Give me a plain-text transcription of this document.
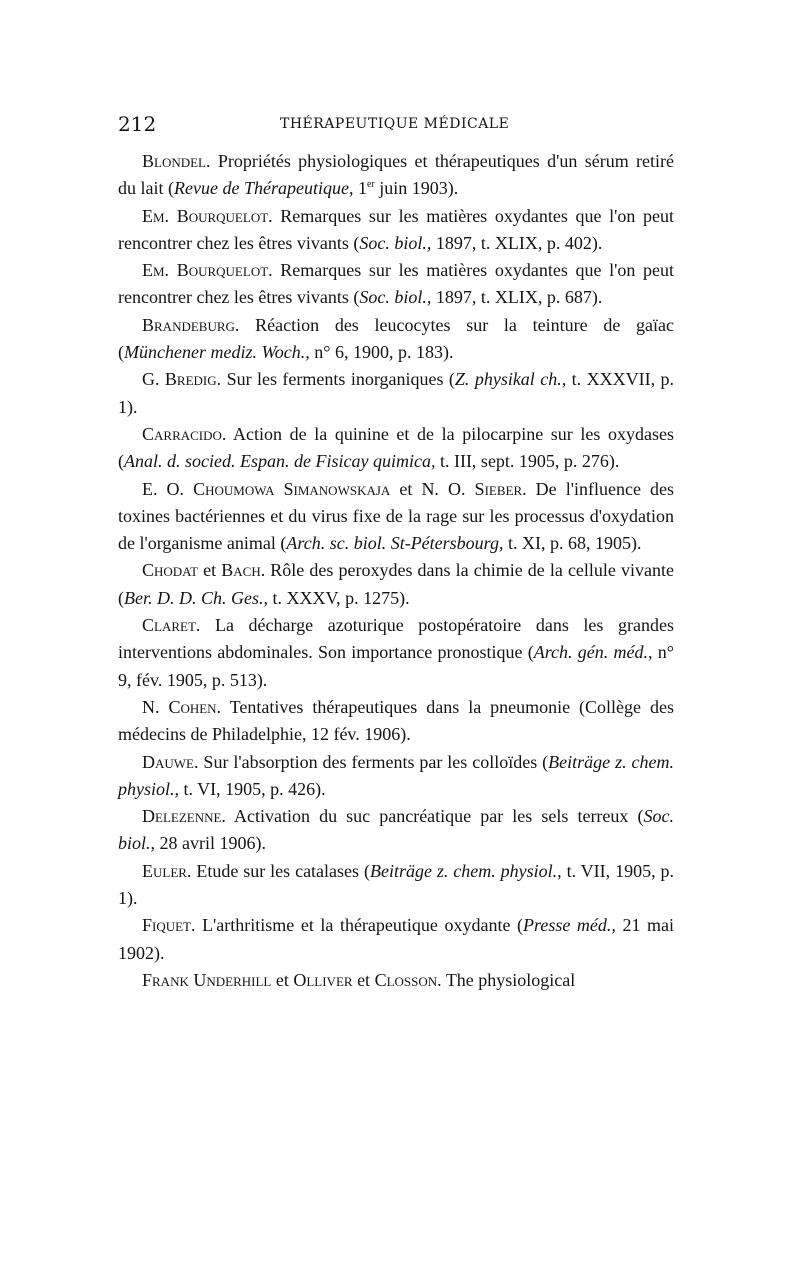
212	THÉRAPEUTIQUE MÉDICALE

Blondel. Propriétés physiologiques et thérapeutiques d'un sérum retiré du lait (Revue de Thérapeutique, 1er juin 1903).

Em. Bourquelot. Remarques sur les matières oxydantes que l'on peut rencontrer chez les êtres vivants (Soc. biol., 1897, t. XLIX, p. 402).

Em. Bourquelot. Remarques sur les matières oxydantes que l'on peut rencontrer chez les êtres vivants (Soc. biol., 1897, t. XLIX, p. 687).

Brandeburg. Réaction des leucocytes sur la teinture de gaïac (Münchener mediz. Woch., n° 6, 1900, p. 183).

G. Bredig. Sur les ferments inorganiques (Z. physikal ch., t. XXXVII, p. 1).

Carracido. Action de la quinine et de la pilocarpine sur les oxydases (Anal. d. socied. Espan. de Fisicay quimica, t. III, sept. 1905, p. 276).

E. O. Choumowa Simanowskaja et N. O. Sieber. De l'influence des toxines bactériennes et du virus fixe de la rage sur les processus d'oxydation de l'organisme animal (Arch. sc. biol. St-Pétersbourg, t. XI, p. 68, 1905).

Chodat et Bach. Rôle des peroxydes dans la chimie de la cellule vivante (Ber. D. D. Ch. Ges., t. XXXV, p. 1275).

Claret. La décharge azoturique postopératoire dans les grandes interventions abdominales. Son importance pronostique (Arch. gén. méd., n° 9, fév. 1905, p. 513).

N. Cohen. Tentatives thérapeutiques dans la pneumonie (Collège des médecins de Philadelphie, 12 fév. 1906).

Dauwe. Sur l'absorption des ferments par les colloïdes (Beiträge z. chem. physiol., t. VI, 1905, p. 426).

Delezenne. Activation du suc pancréatique par les sels terreux (Soc. biol., 28 avril 1906).

Euler. Etude sur les catalases (Beiträge z. chem. physiol., t. VII, 1905, p. 1).

Fiquet. L'arthritisme et la thérapeutique oxydante (Presse méd., 21 mai 1902).

Frank Underhill et Olliver et Closson. The physiological
